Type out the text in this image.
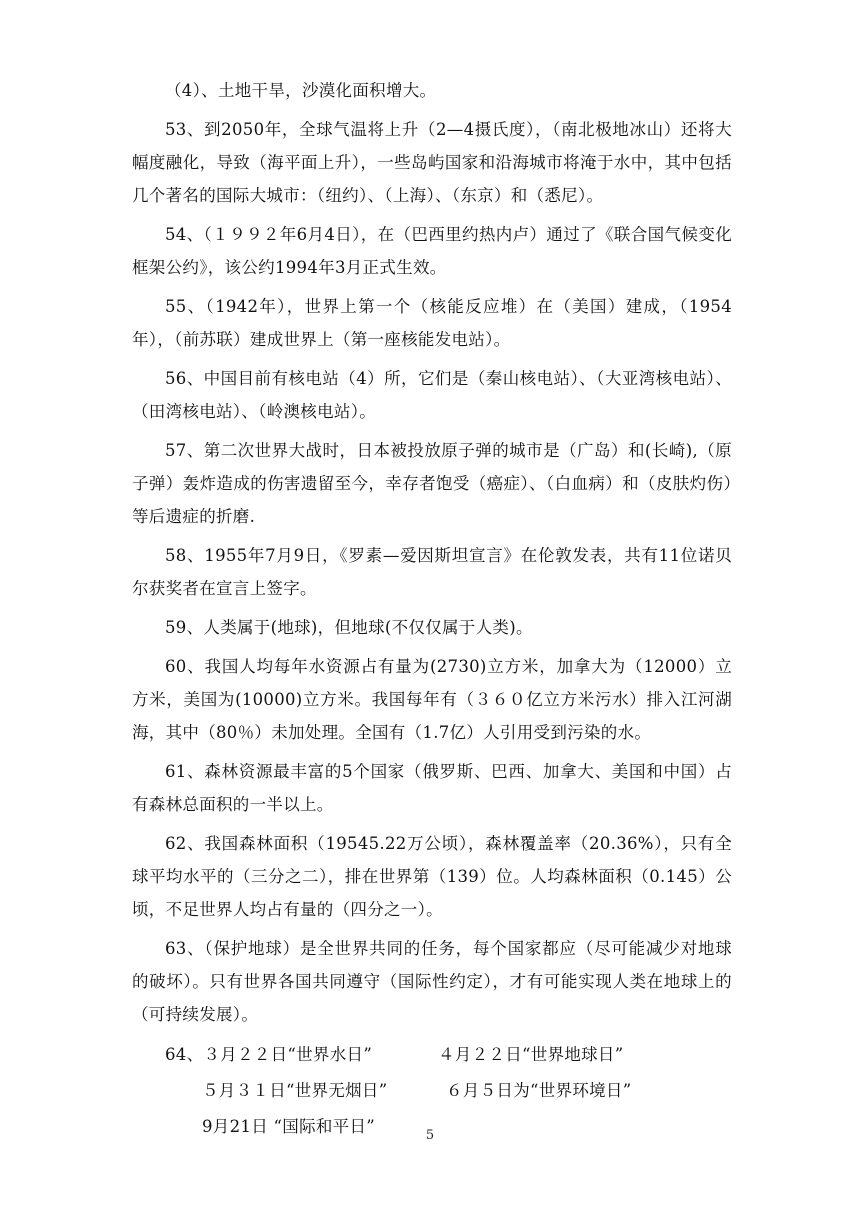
（4）、土地干旱，沙漠化面积增大。

53、到2050年，全球气温将上升（2—4摄氏度），（南北极地冰山）还将大幅度融化，导致（海平面上升），一些岛屿国家和沿海城市将淹于水中，其中包括几个著名的国际大城市：（纽约）、（上海）、（东京）和（悉尼）。

54、（１９９２年6月4日），在（巴西里约热内卢）通过了《联合国气候变化框架公约》，该公约1994年3月正式生效。

55、（1942年），世界上第一个（核能反应堆）在（美国）建成，（1954年），（前苏联）建成世界上（第一座核能发电站）。

56、中国目前有核电站（4）所，它们是（秦山核电站）、（大亚湾核电站）、（田湾核电站）、（岭澳核电站）。

57、第二次世界大战时，日本被投放原子弹的城市是（广岛）和(长崎),（原子弹）轰炸造成的伤害遗留至今，幸存者饱受（癌症）、（白血病）和（皮肤灼伤）等后遗症的折磨.

58、1955年7月9日，《罗素—爱因斯坦宣言》在伦敦发表，共有11位诺贝尔获奖者在宣言上签字。

59、人类属于(地球)，但地球(不仅仅属于人类)。

60、我国人均每年水资源占有量为(2730)立方米，加拿大为（12000）立方米，美国为(10000)立方米。我国每年有（３６０亿立方米污水）排入江河湖海，其中（80％）未加处理。全国有（1.7亿）人引用受到污染的水。

61、森林资源最丰富的5个国家（俄罗斯、巴西、加拿大、美国和中国）占有森林总面积的一半以上。

62、我国森林面积（19545.22万公顷），森林覆盖率（20.36%），只有全球平均水平的（三分之二），排在世界第（139）位。人均森林面积（0.145）公顷，不足世界人均占有量的（四分之一）。

63、（保护地球）是全世界共同的任务，每个国家都应（尽可能减少对地球的破坏）。只有世界各国共同遵守（国际性约定），才有可能实现人类在地球上的（可持续发展）。

64、３月２２日“世界水日”	４月２２日“世界地球日”
５月３１日“世界无烟日”	６月５日为“世界环境日”
9月21日 “国际和平日”	5
